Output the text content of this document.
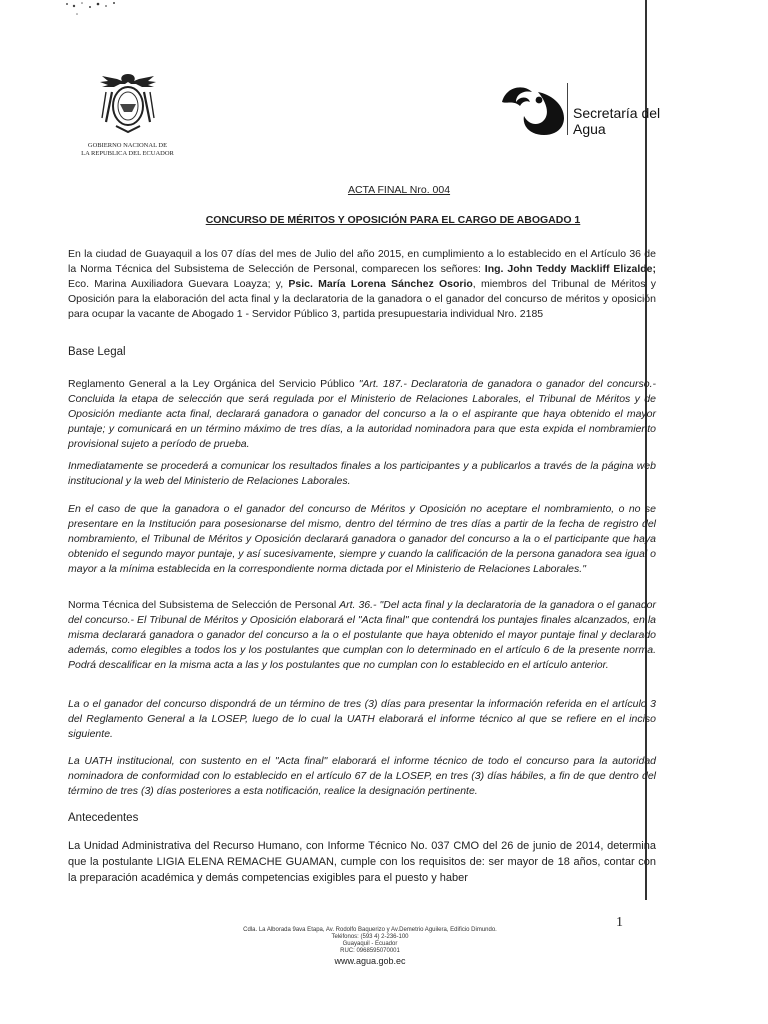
GOBIERNO NACIONAL DE
LA REPUBLICA DEL ECUADOR
Secretaría del
Agua
ACTA FINAL Nro. 004
CONCURSO DE MÉRITOS Y OPOSICIÓN PARA EL CARGO DE ABOGADO 1

En la ciudad de Guayaquil a los 07 días del mes de Julio del año 2015, en cumplimiento a lo establecido en el Artículo 36 de la Norma Técnica del Subsistema de Selección de Personal, comparecen los señores: Ing. John Teddy Mackliff Elizalde; Eco. Marina Auxiliadora Guevara Loayza; y, Psic. María Lorena Sánchez Osorio, miembros del Tribunal de Méritos y Oposición para la elaboración del acta final y la declaratoria de la ganadora o el ganador del concurso de méritos y oposición para ocupar la vacante de Abogado 1 - Servidor Público 3, partida presupuestaria individual Nro. 2185

Base Legal

Reglamento General a la Ley Orgánica del Servicio Público "Art. 187.- Declaratoria de ganadora o ganador del concurso.- Concluida la etapa de selección que será regulada por el Ministerio de Relaciones Laborales, el Tribunal de Méritos y de Oposición mediante acta final, declarará ganadora o ganador del concurso a la o el aspirante que haya obtenido el mayor puntaje; y comunicará en un término máximo de tres días, a la autoridad nominadora para que esta expida el nombramiento provisional sujeto a período de prueba.

Inmediatamente se procederá a comunicar los resultados finales a los participantes y a publicarlos a través de la página web institucional y la web del Ministerio de Relaciones Laborales.

En el caso de que la ganadora o el ganador del concurso de Méritos y Oposición no aceptare el nombramiento, o no se presentare en la Institución para posesionarse del mismo, dentro del término de tres días a partir de la fecha de registro del nombramiento, el Tribunal de Méritos y Oposición declarará ganadora o ganador del concurso a la o el participante que haya obtenido el segundo mayor puntaje, y así sucesivamente, siempre y cuando la calificación de la persona ganadora sea igual o mayor a la mínima establecida en la correspondiente norma dictada por el Ministerio de Relaciones Laborales."

Norma Técnica del Subsistema de Selección de Personal Art. 36.- "Del acta final y la declaratoria de la ganadora o el ganador del concurso.- El Tribunal de Méritos y Oposición elaborará el "Acta final" que contendrá los puntajes finales alcanzados, en la misma declarará ganadora o ganador del concurso a la o el postulante que haya obtenido el mayor puntaje final y declarado además, como elegibles a todos los y los postulantes que cumplan con lo determinado en el artículo 6 de la presente norma. Podrá descalificar en la misma acta a las y los postulantes que no cumplan con lo establecido en el artículo anterior.

La o el ganador del concurso dispondrá de un término de tres (3) días para presentar la información referida en el artículo 3 del Reglamento General a la LOSEP, luego de lo cual la UATH elaborará el informe técnico al que se refiere en el inciso siguiente.

La UATH institucional, con sustento en el "Acta final" elaborará el informe técnico de todo el concurso para la autoridad nominadora de conformidad con lo establecido en el artículo 67 de la LOSEP, en tres (3) días hábiles, a fin de que dentro del término de tres (3) días posteriores a esta notificación, realice la designación pertinente.

Antecedentes

La Unidad Administrativa del Recurso Humano, con Informe Técnico No. 037 CMO del 26 de junio de 2014, determina que la postulante LIGIA ELENA REMACHE GUAMAN, cumple con los requisitos de: ser mayor de 18 años, contar con la preparación académica y demás competencias exigibles para el puesto y haber

1
Cdla. La Alborada 9ava Etapa, Av. Rodolfo Baquerizo y Av.Demetrio Aguilera, Edificio Dimundo.
Teléfonos: (593 4) 2-236-100
Guayaquil - Ecuador
RUC: 0968595070001
www.agua.gob.ec
